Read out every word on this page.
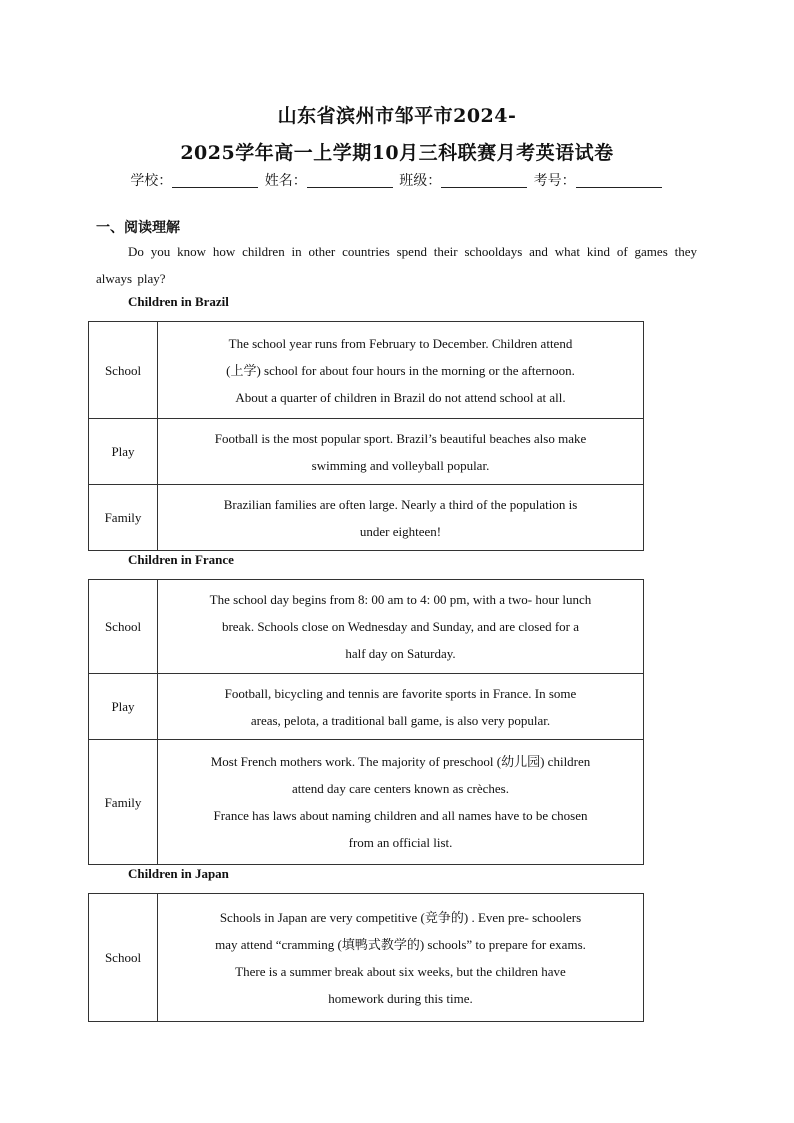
山东省滨州市邹平市2024-
2025学年高一上学期10月三科联赛月考英语试卷
学校：	姓名：	班级：	考号：
一、阅读理解
Do you know how children in other countries spend their schooldays and what kind of games they always play?
Children in Brazil
School	The school year runs from February to December. Children attend
(上学) school for about four hours in the morning or the afternoon.
About a quarter of children in Brazil do not attend school at all.

Play	Football is the most popular sport. Brazil’s beautiful beaches also make
swimming and volleyball popular.

Family	Brazilian families are often large. Nearly a third of the population is
under eighteen!
Children in France
School	The school day begins from 8: 00 am to 4: 00 pm, with a two- hour lunch
break. Schools close on Wednesday and Sunday, and are closed for a
half day on Saturday.

Play	Football, bicycling and tennis are favorite sports in France. In some
areas, pelota, a traditional ball game, is also very popular.

Family	Most French mothers work. The majority of preschool (幼儿园) children
attend day care centers known as crèches.
France has laws about naming children and all names have to be chosen
from an official list.
Children in Japan
School	
Schools in Japan are very competitive (竞争的) . Even pre- schoolers
may attend “cramming (填鸭式教学的) schools” to prepare for exams.
There is a summer break about six weeks, but the children have
homework during this time.
